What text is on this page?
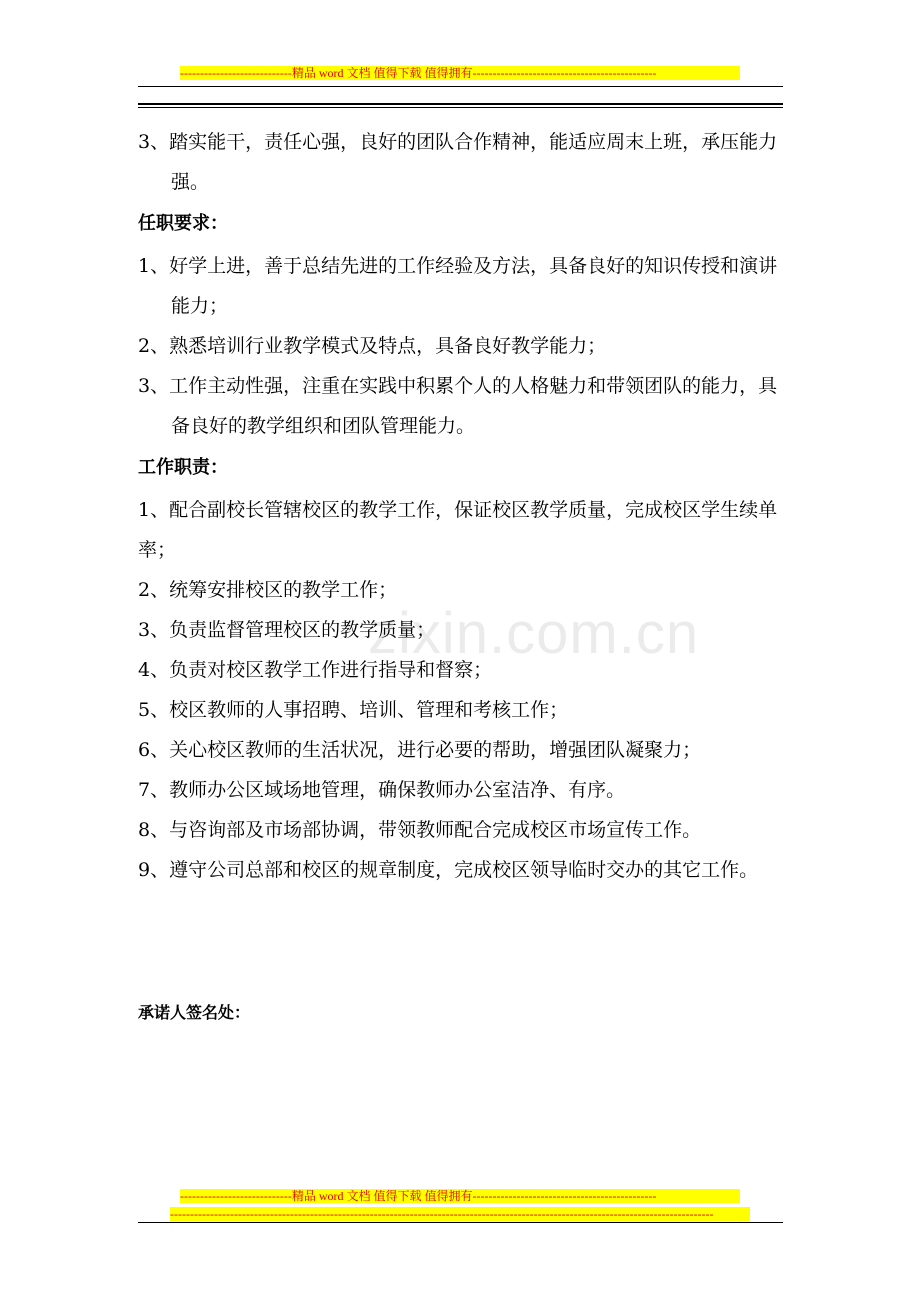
----------------------------精品 word 文档 值得下载 值得拥有----------------------------------------------
zixin.com.cn
3、踏实能干，责任心强，良好的团队合作精神，能适应周末上班，承压能力强。
任职要求：
1、好学上进，善于总结先进的工作经验及方法，具备良好的知识传授和演讲能力；
2、熟悉培训行业教学模式及特点，具备良好教学能力；
3、工作主动性强，注重在实践中积累个人的人格魅力和带领团队的能力，具备良好的教学组织和团队管理能力。
工作职责：
1、配合副校长管辖校区的教学工作，保证校区教学质量，完成校区学生续单率；
2、统筹安排校区的教学工作；
3、负责监督管理校区的教学质量；
4、负责对校区教学工作进行指导和督察；
5、校区教师的人事招聘、培训、管理和考核工作；
6、关心校区教师的生活状况，进行必要的帮助，增强团队凝聚力；
7、教师办公区域场地管理，确保教师办公室洁净、有序。
8、与咨询部及市场部协调，带领教师配合完成校区市场宣传工作。
9、遵守公司总部和校区的规章制度，完成校区领导临时交办的其它工作。
承诺人签名处：
----------------------------精品 word 文档 值得下载 值得拥有----------------------------------------------
----------------------------------------------------------------------------------------------------------------------------------------
